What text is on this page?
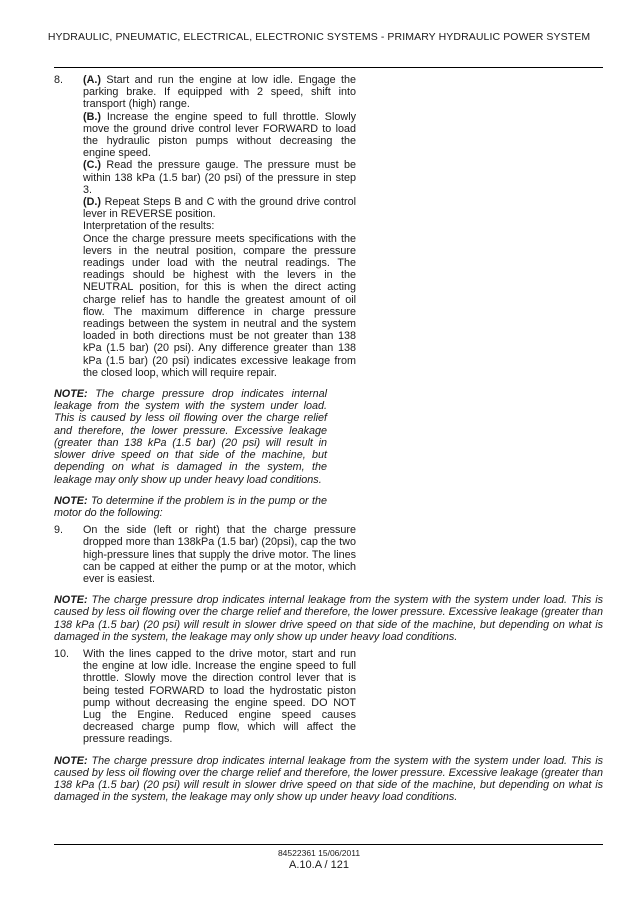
HYDRAULIC, PNEUMATIC, ELECTRICAL, ELECTRONIC SYSTEMS - PRIMARY HYDRAULIC POWER SYSTEM
8. (A.) Start and run the engine at low idle. Engage the parking brake. If equipped with 2 speed, shift into transport (high) range.

(B.) Increase the engine speed to full throttle. Slowly move the ground drive control lever FORWARD to load the hydraulic piston pumps without decreasing the engine speed.

(C.) Read the pressure gauge. The pressure must be within 138 kPa (1.5 bar) (20 psi) of the pressure in step 3.

(D.) Repeat Steps B and C with the ground drive control lever in REVERSE position.

Interpretation of the results:

Once the charge pressure meets specifications with the levers in the neutral position, compare the pressure readings under load with the neutral readings. The readings should be highest with the levers in the NEUTRAL position, for this is when the direct acting charge relief has to handle the greatest amount of oil flow. The maximum difference in charge pressure readings between the system in neutral and the system loaded in both directions must be not greater than 138 kPa (1.5 bar) (20 psi). Any difference greater than 138 kPa (1.5 bar) (20 psi) indicates excessive leakage from the closed loop, which will require repair.

NOTE: The charge pressure drop indicates internal leakage from the system with the system under load. This is caused by less oil flowing over the charge relief and therefore, the lower pressure. Excessive leakage (greater than 138 kPa (1.5 bar) (20 psi) will result in slower drive speed on that side of the machine, but depending on what is damaged in the system, the leakage may only show up under heavy load conditions.

NOTE: To determine if the problem is in the pump or the motor do the following:

9. On the side (left or right) that the charge pressure dropped more than 138kPa (1.5 bar) (20psi), cap the two high-pressure lines that supply the drive motor. The lines can be capped at either the pump or at the motor, which ever is easiest.

NOTE: The charge pressure drop indicates internal leakage from the system with the system under load. This is caused by less oil flowing over the charge relief and therefore, the lower pressure. Excessive leakage (greater than 138 kPa (1.5 bar) (20 psi) will result in slower drive speed on that side of the machine, but depending on what is damaged in the system, the leakage may only show up under heavy load conditions.

10. With the lines capped to the drive motor, start and run the engine at low idle. Increase the engine speed to full throttle. Slowly move the direction control lever that is being tested FORWARD to load the hydrostatic piston pump without decreasing the engine speed. DO NOT Lug the Engine. Reduced engine speed causes decreased charge pump flow, which will affect the pressure readings.

NOTE: The charge pressure drop indicates internal leakage from the system with the system under load. This is caused by less oil flowing over the charge relief and therefore, the lower pressure. Excessive leakage (greater than 138 kPa (1.5 bar) (20 psi) will result in slower drive speed on that side of the machine, but depending on what is damaged in the system, the leakage may only show up under heavy load conditions.

84522361 15/06/2011
A.10.A / 121
